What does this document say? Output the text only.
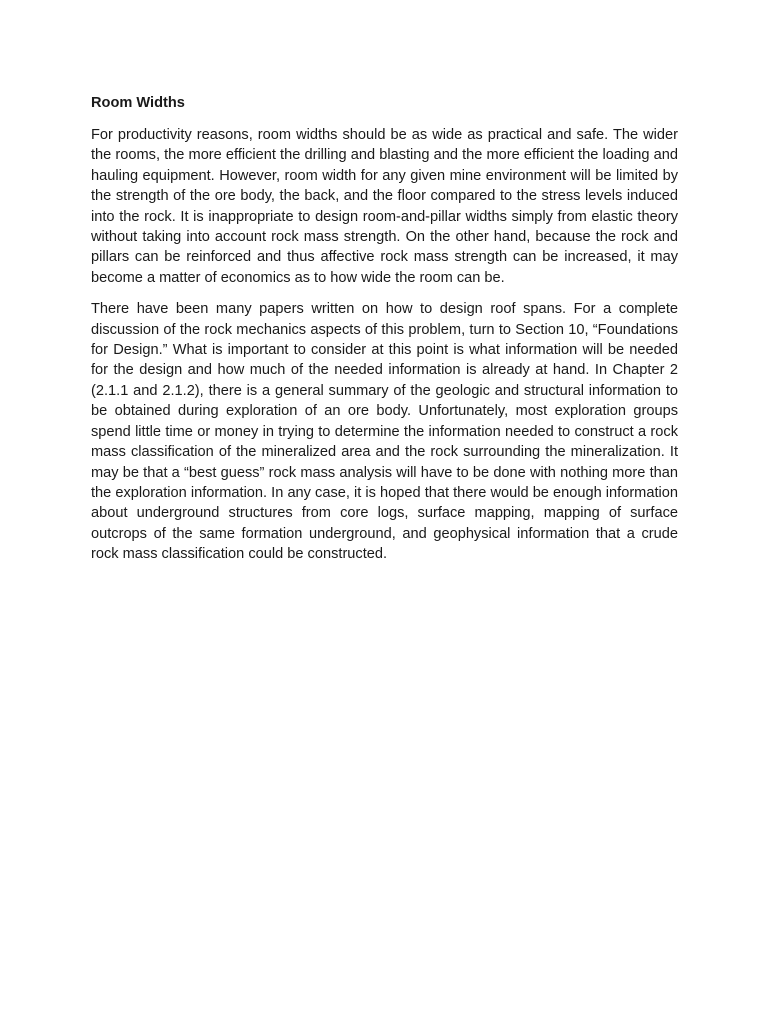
Room Widths

For productivity reasons, room widths should be as wide as practical and safe. The wider the rooms, the more efficient the drilling and blasting and the more efficient the loading and hauling equipment. However, room width for any given mine environment will be limited by the strength of the ore body, the back, and the floor compared to the stress levels induced into the rock. It is inappropriate to design room-and-pillar widths simply from elastic theory without taking into account rock mass strength. On the other hand, because the rock and pillars can be reinforced and thus affective rock mass strength can be increased, it may become a matter of economics as to how wide the room can be.

There have been many papers written on how to design roof spans. For a complete discussion of the rock mechanics aspects of this problem, turn to Section 10, “Foundations for Design.” What is important to consider at this point is what information will be needed for the design and how much of the needed information is already at hand. In Chapter 2 (2.1.1 and 2.1.2), there is a general summary of the geologic and structural information to be obtained during exploration of an ore body. Unfortunately, most exploration groups spend little time or money in trying to determine the information needed to construct a rock mass classification of the mineralized area and the rock surrounding the mineralization. It may be that a “best guess” rock mass analysis will have to be done with nothing more than the exploration information. In any case, it is hoped that there would be enough information about underground structures from core logs, surface mapping, mapping of surface outcrops of the same formation underground, and geophysical information that a crude rock mass classification could be constructed.
